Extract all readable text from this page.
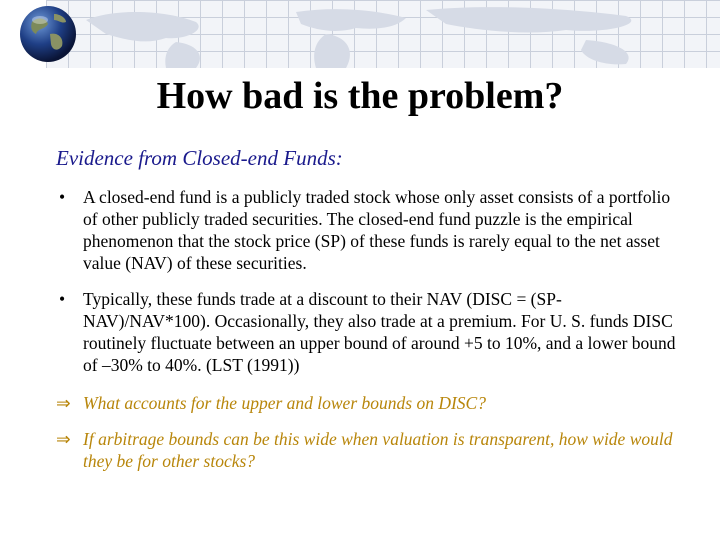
How bad is the problem?
Evidence from Closed-end Funds:
• A closed-end fund is a publicly traded stock whose only asset consists of a portfolio of other publicly traded securities. The closed-end fund puzzle is the empirical phenomenon that the stock price (SP) of these funds is rarely equal to the net asset value (NAV) of these securities.
• Typically, these funds trade at a discount to their NAV (DISC = (SP-NAV)/NAV*100). Occasionally, they also trade at a premium. For U. S. funds DISC routinely fluctuate between an upper bound of around +5 to 10%, and a lower bound of –30% to 40%. (LST (1991))
⇒ What accounts for the upper and lower bounds on DISC?
⇒ If arbitrage bounds can be this wide when valuation is transparent, how wide would they be for other stocks?
